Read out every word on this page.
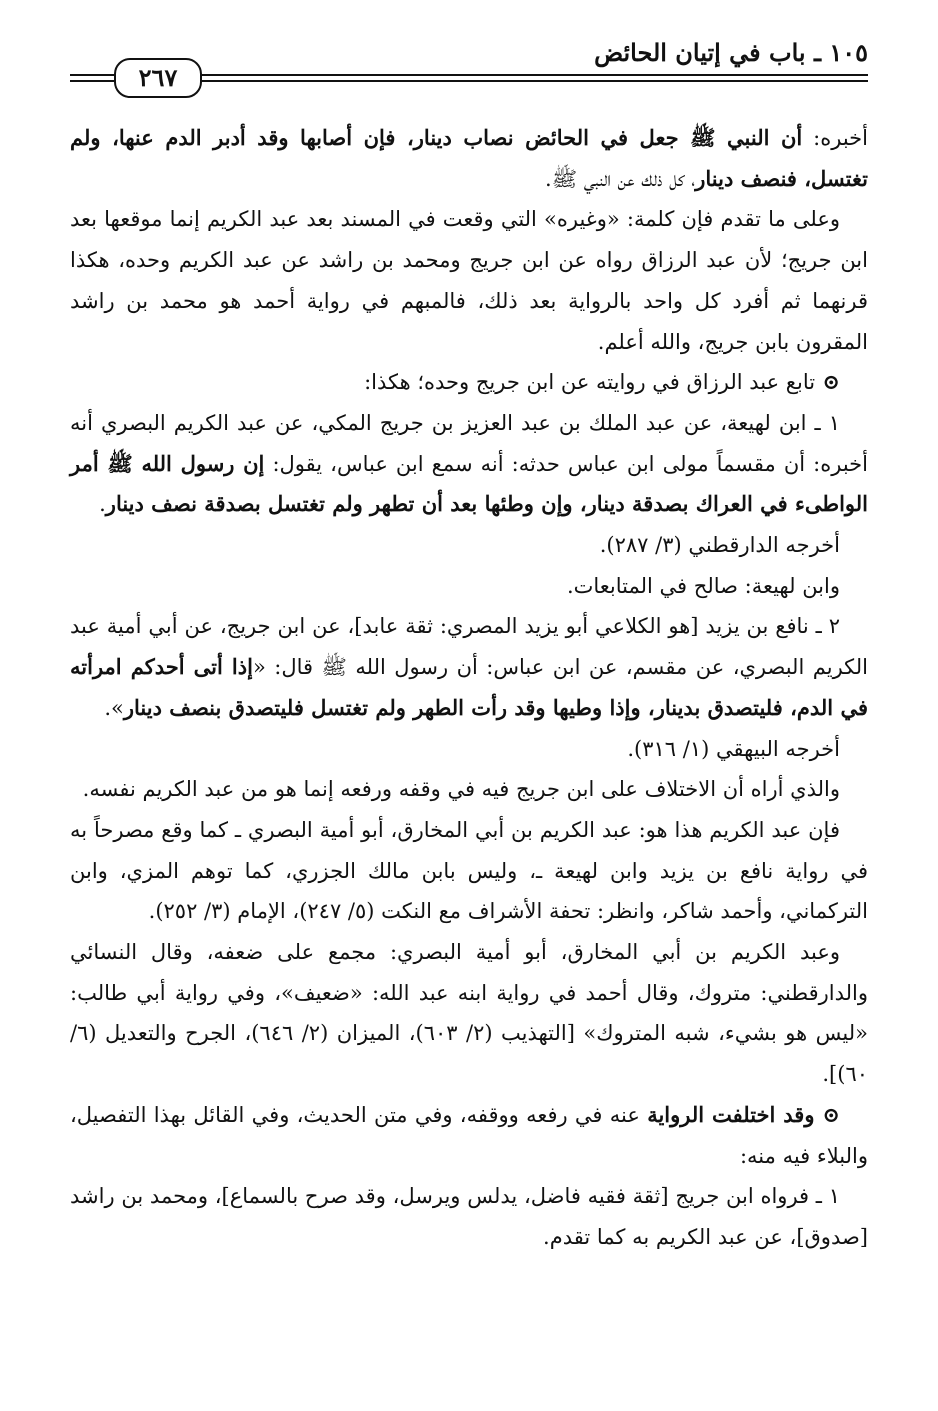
١٠٥ ـ باب في إتيان الحائض
٢٦٧

أخبره: أن النبي ﷺ جعل في الحائض نصاب دينار، فإن أصابها وقد أدبر الدم عنها، ولم تغتسل، فنصف دينار، كل ذلك عن النبي ﷺ.

وعلى ما تقدم فإن كلمة: «وغيره» التي وقعت في المسند بعد عبد الكريم إنما موقعها بعد ابن جريج؛ لأن عبد الرزاق رواه عن ابن جريج ومحمد بن راشد عن عبد الكريم وحده، هكذا قرنهما ثم أفرد كل واحد بالرواية بعد ذلك، فالمبهم في رواية أحمد هو محمد بن راشد المقرون بابن جريج، والله أعلم.

⊙ تابع عبد الرزاق في روايته عن ابن جريج وحده؛ هكذا:

١ ـ ابن لهيعة، عن عبد الملك بن عبد العزيز بن جريج المكي، عن عبد الكريم البصري أنه أخبره: أن مقسماً مولى ابن عباس حدثه: أنه سمع ابن عباس، يقول: إن رسول الله ﷺ أمر الواطىء في العراك بصدقة دينار، وإن وطئها بعد أن تطهر ولم تغتسل بصدقة نصف دينار.

أخرجه الدارقطني (٣/ ٢٨٧).

وابن لهيعة: صالح في المتابعات.

٢ ـ نافع بن يزيد [هو الكلاعي أبو يزيد المصري: ثقة عابد]، عن ابن جريج، عن أبي أمية عبد الكريم البصري، عن مقسم، عن ابن عباس: أن رسول الله ﷺ قال: «إذا أتى أحدكم امرأته في الدم، فليتصدق بدينار، وإذا وطيها وقد رأت الطهر ولم تغتسل فليتصدق بنصف دينار».

أخرجه البيهقي (١/ ٣١٦).

والذي أراه أن الاختلاف على ابن جريج فيه في وقفه ورفعه إنما هو من عبد الكريم نفسه.

فإن عبد الكريم هذا هو: عبد الكريم بن أبي المخارق، أبو أمية البصري ـ كما وقع مصرحاً به في رواية نافع بن يزيد وابن لهيعة ـ، وليس بابن مالك الجزري، كما توهم المزي، وابن التركماني، وأحمد شاكر، وانظر: تحفة الأشراف مع النكت (٥/ ٢٤٧)، الإمام (٣/ ٢٥٢).

وعبد الكريم بن أبي المخارق، أبو أمية البصري: مجمع على ضعفه، وقال النسائي والدارقطني: متروك، وقال أحمد في رواية ابنه عبد الله: «ضعيف»، وفي رواية أبي طالب: «ليس هو بشيء، شبه المتروك» [التهذيب (٢/ ٦٠٣)، الميزان (٢/ ٦٤٦)، الجرح والتعديل (٦/ ٦٠)].

⊙ وقد اختلفت الرواية عنه في رفعه ووقفه، وفي متن الحديث، وفي القائل بهذا التفصيل، والبلاء فيه منه:

١ ـ فرواه ابن جريج [ثقة فقيه فاضل، يدلس ويرسل، وقد صرح بالسماع]، ومحمد بن راشد [صدوق]، عن عبد الكريم به كما تقدم.
